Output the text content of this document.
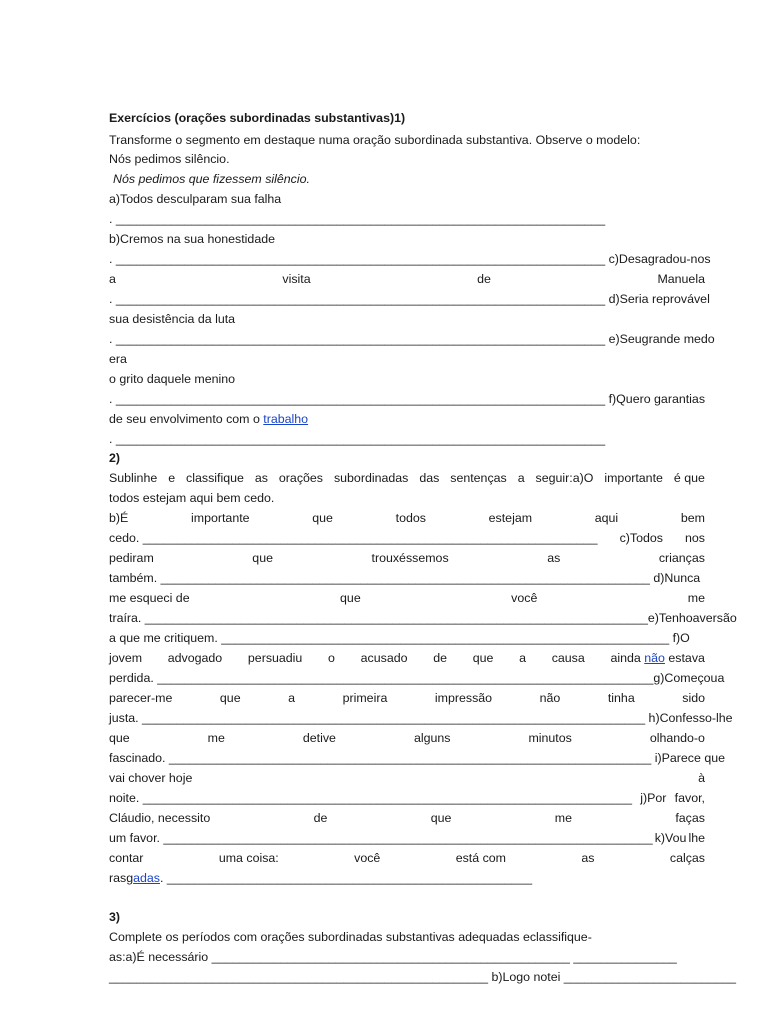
Exercícios (orações subordinadas substantivas)1)
Transforme o segmento em destaque numa oração subordinada substantiva. Observe o modelo:
Nós pedimos silêncio.
Nós pedimos que fizessem silêncio.
a)Todos desculparam sua falha
. _______________________________________________________________________
b)Cremos na sua honestidade
. _______________________________________________________________________ c)Desagradou-nos
a	visita	de	Manuela
. _______________________________________________________________________ d)Seria reprovável
sua desistência da luta
. _______________________________________________________________________ e)Seu grande medo
era
o grito daquele menino
. _______________________________________________________________________ f)Quero garantias
de seu envolvimento com o trabalho
. _______________________________________________________________________
2)
Sublinhe e classifique as orações subordinadas das sentenças a seguir:a)O importante é que
todos estejam aqui bem cedo.
b)É	importante	que	todos	estejam	aqui	bem
cedo. __________________________________________________________________ c)Todos nos
pediram	que	trouxéssemos	as	crianças
também. _______________________________________________________________________ d)Nunca
me esqueci de	que	você	me
traíra. _________________________________________________________________________ e)Tenho aversão
a que me critiquem. _________________________________________________________________ f)O
jovem advogado persuadiu o acusado de que a causa ainda não estava
perdida. ________________________________________________________________________ g)Começou a
parecer-me	que	a	primeira	impressão	não	tinha	sido
justa. _________________________________________________________________________ h)Confesso-lhe
que	me	detive	alguns	minutos	olhando-o
fascinado. ______________________________________________________________________ i)Parece que
vai chover hoje	à
noite. _______________________________________________________________________ j)Por favor,
Cláudio, necessito	de	que	me	faças
um favor. _______________________________________________________________________ k)Vou lhe
contar	uma coisa:	você	está com	as	calças
rasgadas. _____________________________________________________
3)
Complete os períodos com orações subordinadas substantivas adequadas eclassifique-
as:a)É necessário ____________________________________________________ _______________
_______________________________________________________ b)Logo notei _________________________
